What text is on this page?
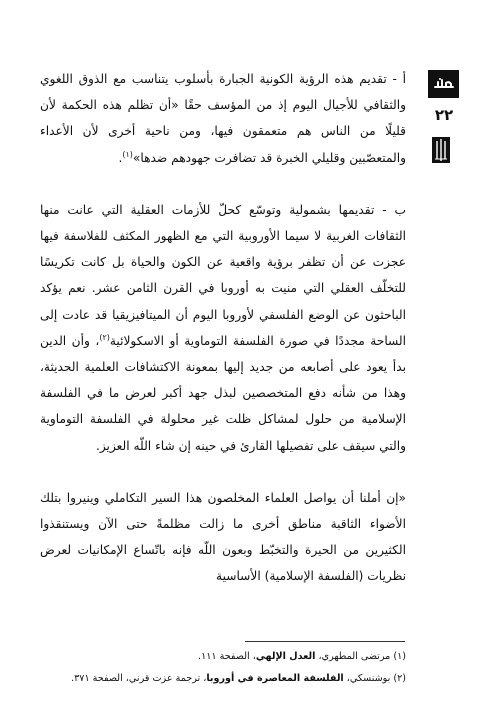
٢٢

أ - تقديم هذه الرؤية الكونية الجبارة بأسلوب يتناسب مع الذوق اللغوي والثقافي للأجيال اليوم إذ من المؤسف حقًا «أن تظلم هذه الحكمة لأن قليلًا من الناس هم متعمقون فيها، ومن ناحية أخرى لأن الأعداء والمتعصّبين وقليلي الخبرة قد تضافرت جهودهم ضدها»$^{(١)}$.

ب - تقديمها بشمولية وتوسّع كحلّ للأزمات العقلية التي عانت منها الثقافات الغربية لا سيما الأوروبية التي مع الظهور المكثف للفلاسفة فيها عجزت عن أن تظفر برؤية واقعية عن الكون والحياة بل كانت تكريسًا للتخلّف العقلي التي منيت به أوروبا في القرن الثامن عشر. نعم يؤكد الباحثون عن الوضع الفلسفي لأوروبا اليوم أن الميتافيزيقيا قد عادت إلى الساحة مجددًا في صورة الفلسفة التوماوية أو الاسكولائية$^{(٢)}$، وأن الدين بدأ يعود على أصابعه من جديد إليها بمعونة الاكتشافات العلمية الحديثة، وهذا من شأنه دفع المتخصصين لبذل جهد أكبر لعرض ما في الفلسفة الإسلامية من حلول لمشاكل ظلت غير محلولة في الفلسفة التوماوية والتي سيقف على تفصيلها القارئ في حينه إن شاء اللّه العزيز.

«إن أملنا أن يواصل العلماء المخلصون هذا السير التكاملي وينيروا بتلك الأضواء الثاقبة مناطق أخرى ما زالت مظلمةً حتى الآن ويستنقذوا الكثيرين من الحيرة والتخبّط وبعون اللّه فإنه باتّساع الإمكانيات لعرض نظريات (الفلسفة الإسلامية) الأساسية

(١) مرتضى المطهري، العدل الإلهي، الصفحة ١١١.
(٢) بوشنسكي، الفلسفة المعاصرة في أوروبا، ترجمة عزت قرني، الصفحة ٣٧١.
